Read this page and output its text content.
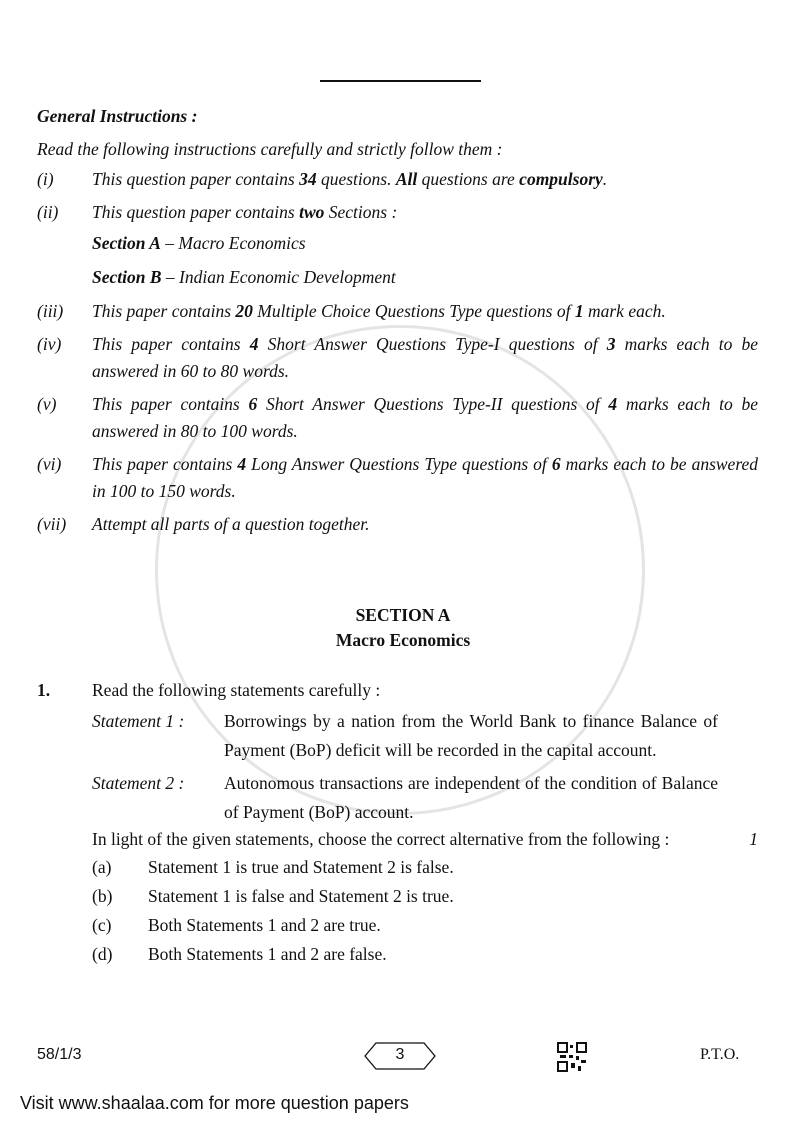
General Instructions :
Read the following instructions carefully and strictly follow them :
(i)	This question paper contains 34 questions. All questions are compulsory.
(ii)	This question paper contains two Sections :
Section A – Macro Economics
Section B – Indian Economic Development
(iii)	This paper contains 20 Multiple Choice Questions Type questions of 1 mark each.
(iv)	This paper contains 4 Short Answer Questions Type-I questions of 3 marks each to be answered in 60 to 80 words.
(v)	This paper contains 6 Short Answer Questions Type-II questions of 4 marks each to be answered in 80 to 100 words.
(vi)	This paper contains 4 Long Answer Questions Type questions of 6 marks each to be answered in 100 to 150 words.
(vii)	Attempt all parts of a question together.
SECTION A
Macro Economics
1.	Read the following statements carefully :
Statement 1 :	Borrowings by a nation from the World Bank to finance Balance of Payment (BoP) deficit will be recorded in the capital account.
Statement 2 :	Autonomous transactions are independent of the condition of Balance of Payment (BoP) account.
In light of the given statements, choose the correct alternative from the following :	1
(a)	Statement 1 is true and Statement 2 is false.
(b)	Statement 1 is false and Statement 2 is true.
(c)	Both Statements 1 and 2 are true.
(d)	Both Statements 1 and 2 are false.
58/1/3	3	P.T.O.
Visit www.shaalaa.com for more question papers
